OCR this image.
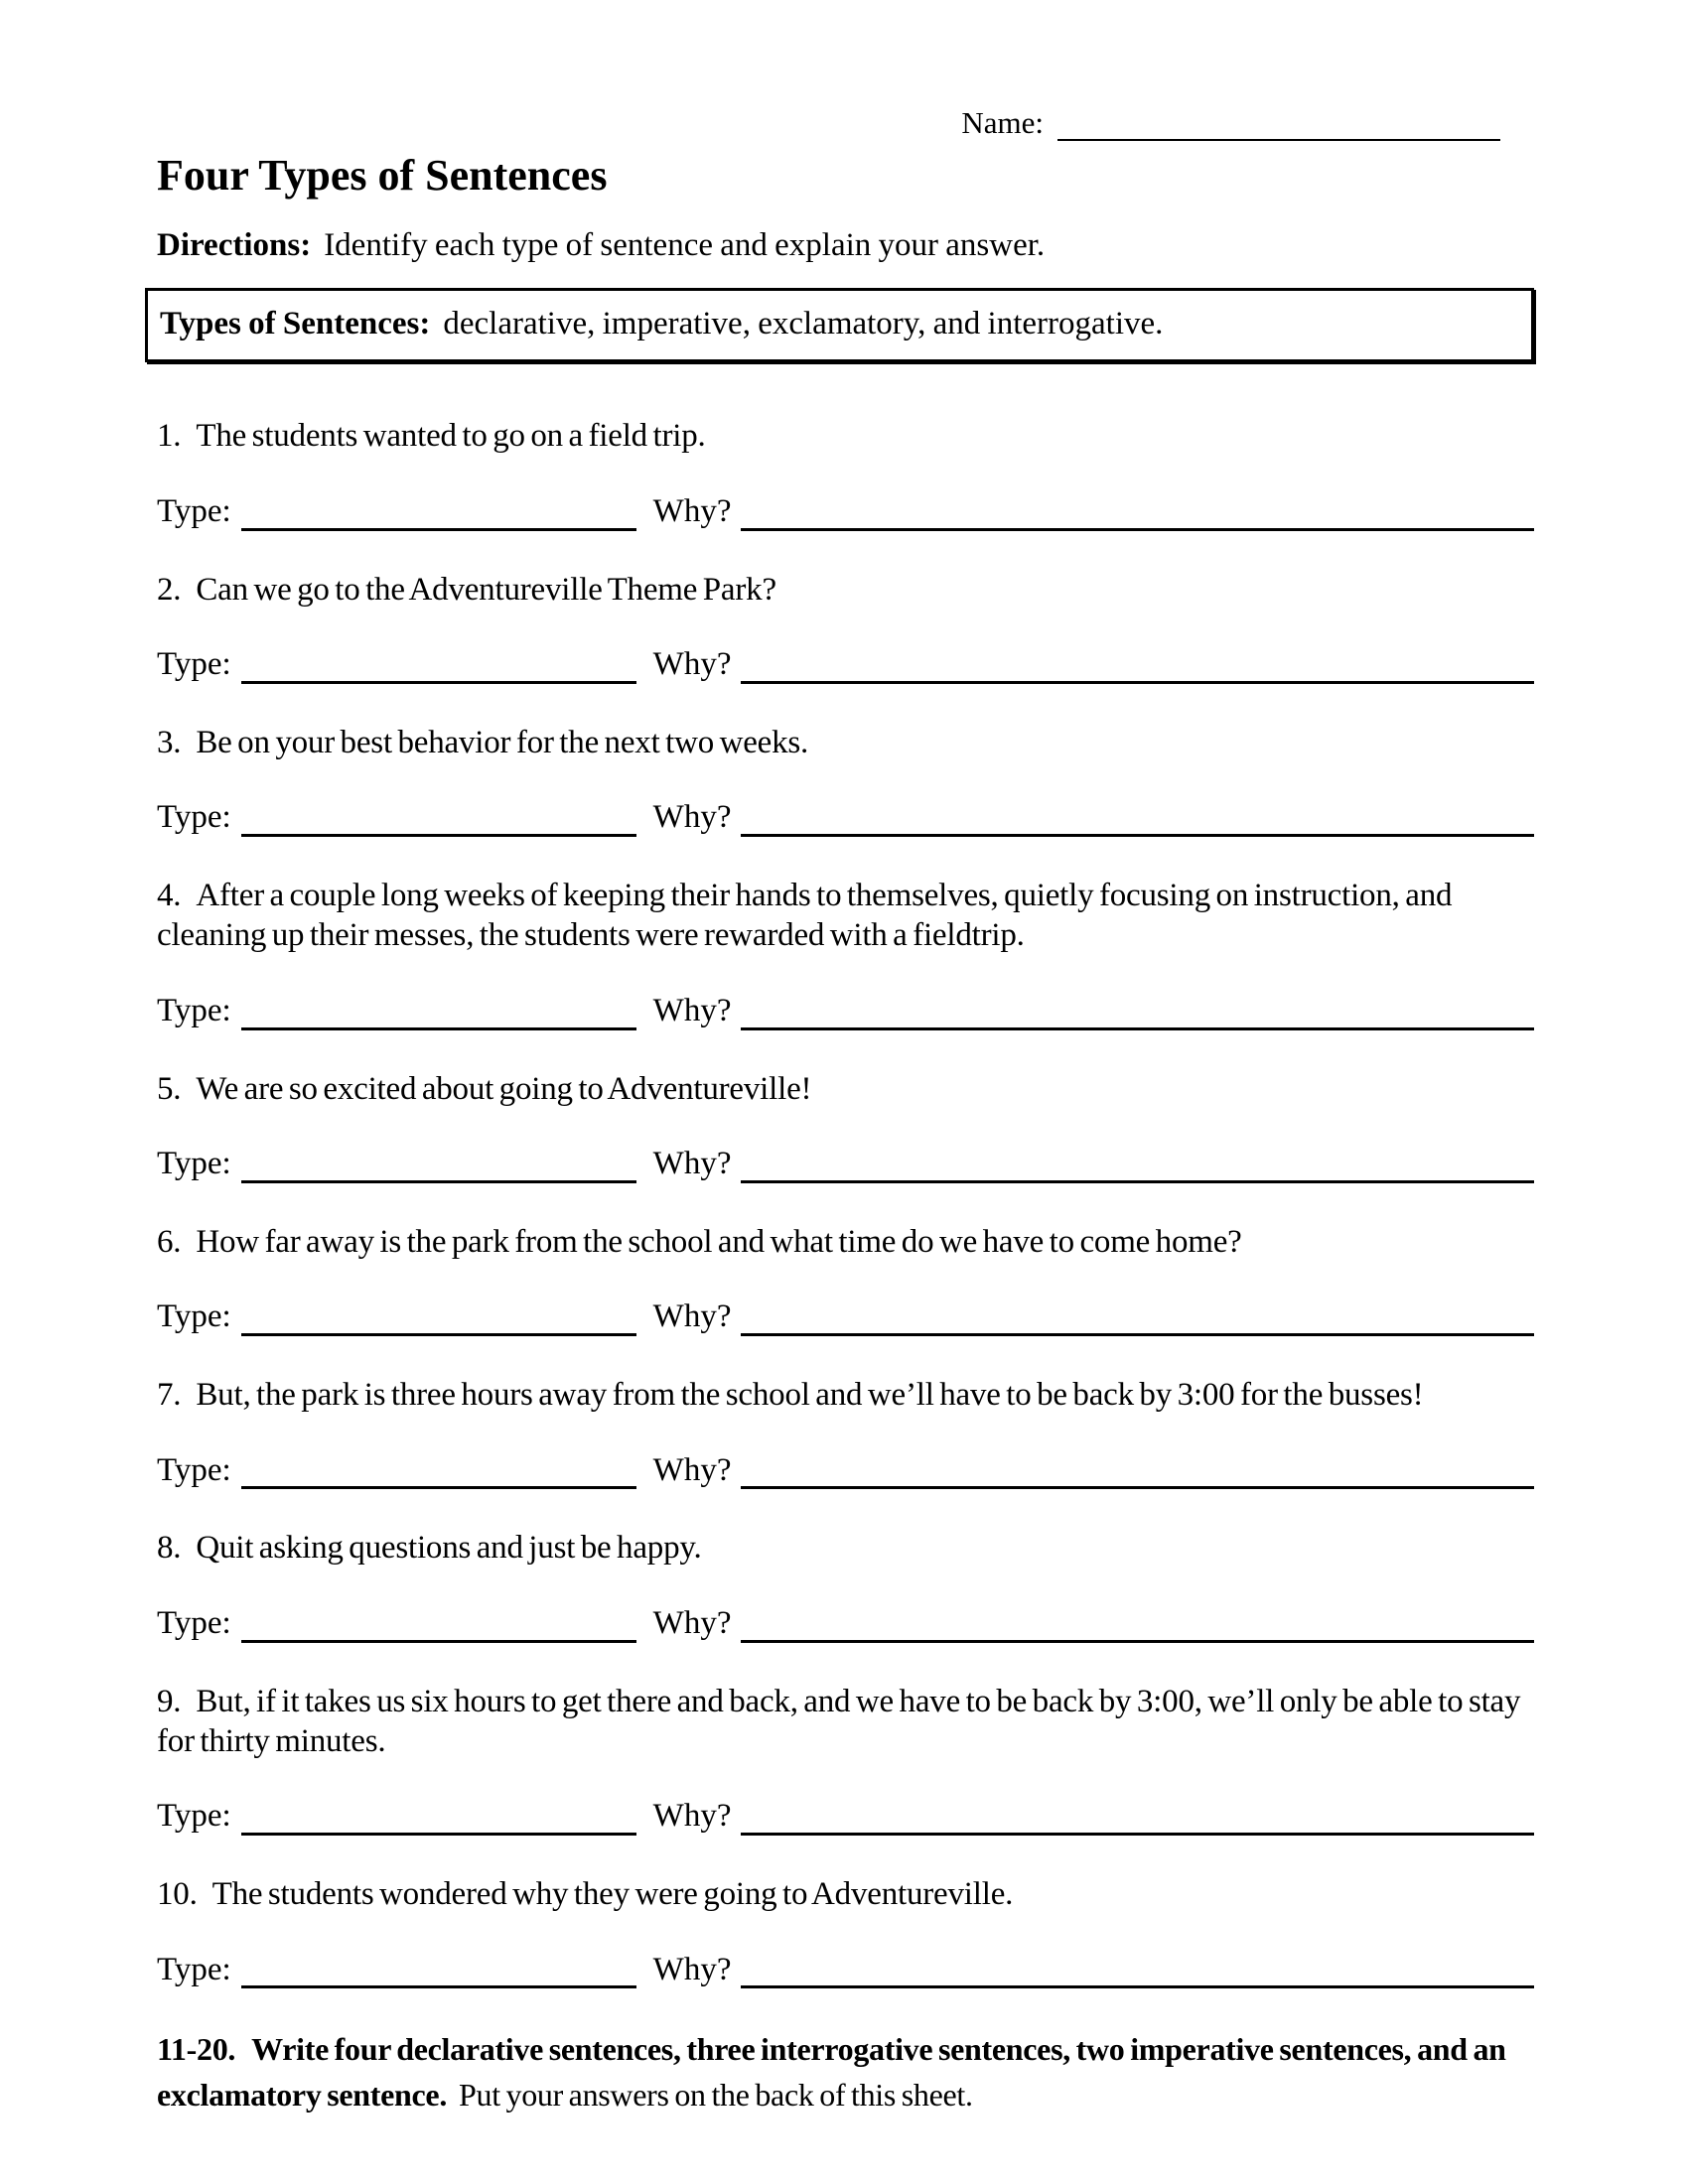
Name:
Four Types of Sentences

Directions: Identify each type of sentence and explain your answer.

Types of Sentences: declarative, imperative, exclamatory, and interrogative.

1. The students wanted to go on a field trip.

Type:	Why?

2. Can we go to the Adventureville Theme Park?

Type:	Why?

3. Be on your best behavior for the next two weeks.

Type:	Why?

4. After a couple long weeks of keeping their hands to themselves, quietly focusing on instruction, and cleaning up their messes, the students were rewarded with a fieldtrip.

Type:	Why?

5. We are so excited about going to Adventureville!

Type:	Why?

6. How far away is the park from the school and what time do we have to come home?

Type:	Why?

7. But, the park is three hours away from the school and we’ll have to be back by 3:00 for the busses!

Type:	Why?

8. Quit asking questions and just be happy.

Type:	Why?

9. But, if it takes us six hours to get there and back, and we have to be back by 3:00, we’ll only be able to stay for thirty minutes.

Type:	Why?

10. The students wondered why they were going to Adventureville.

Type:	Why?

11-20. Write four declarative sentences, three interrogative sentences, two imperative sentences, and an exclamatory sentence. Put your answers on the back of this sheet.
